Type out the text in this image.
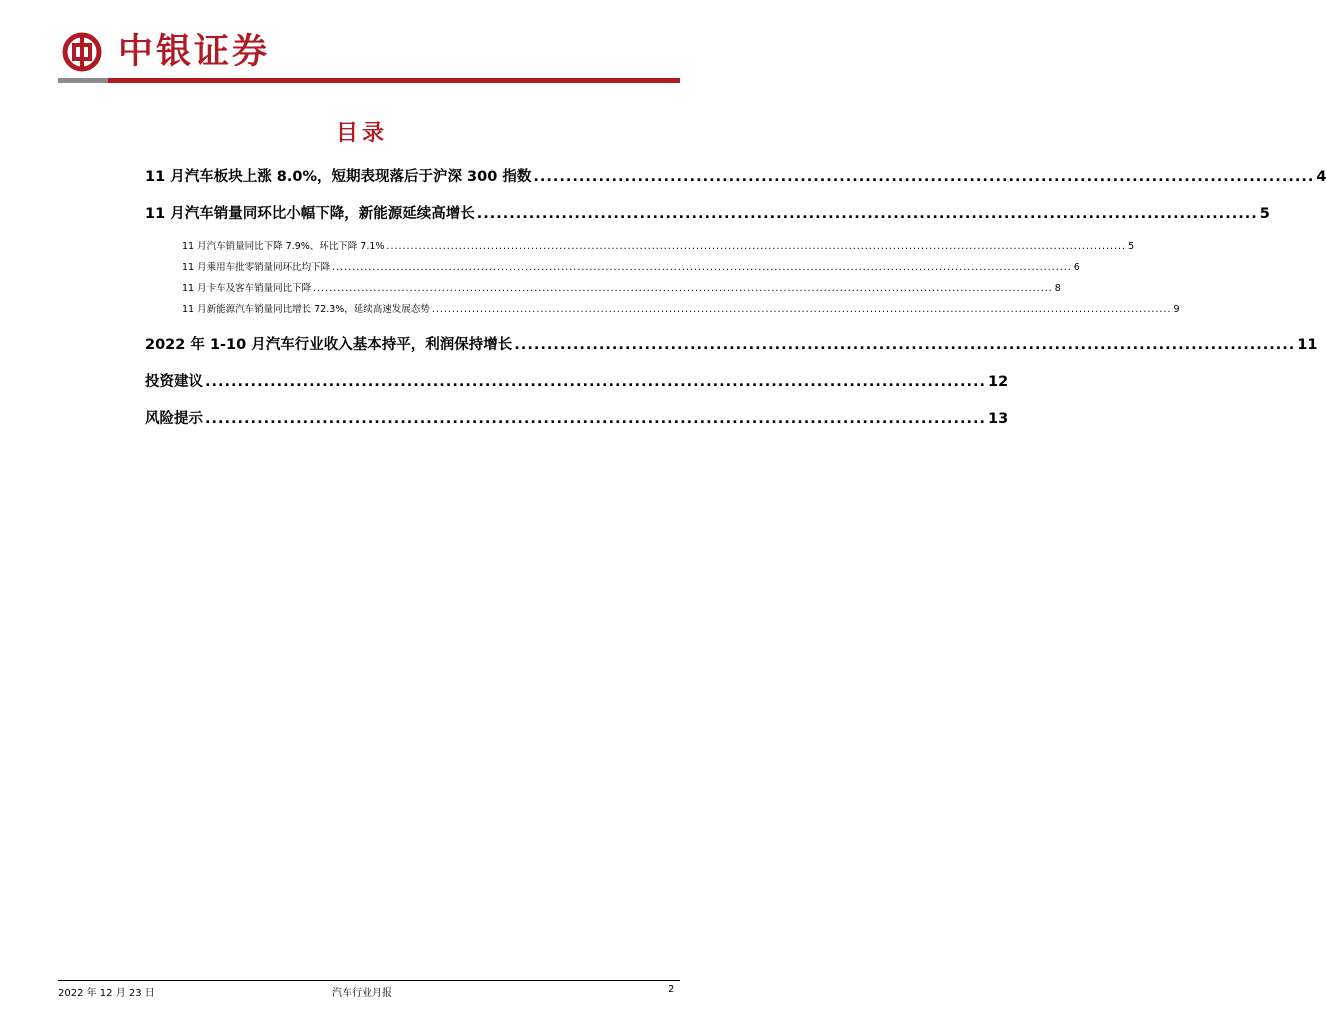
中银证券
目录
11 月汽车板块上涨 8.0%，短期表现落后于沪深 300 指数 ........................................................................................................................ 4
11 月汽车销量同环比小幅下降，新能源延续高增长 ........................................................................................................................ 5
11 月汽车销量同比下降 7.9%、环比下降 7.1% ........................................................................................................................................................................................ 5
11 月乘用车批零销量同环比均下降 ........................................................................................................................................................................................ 6
11 月卡车及客车销量同比下降 ........................................................................................................................................................................................ 8
11 月新能源汽车销量同比增长 72.3%，延续高速发展态势 ........................................................................................................................................................................................ 9
2022 年 1-10 月汽车行业收入基本持平，利润保持增长 ........................................................................................................................ 11
投资建议 ........................................................................................................................ 12
风险提示 ........................................................................................................................ 13
2022 年 12 月 23 日	汽车行业月报	2
